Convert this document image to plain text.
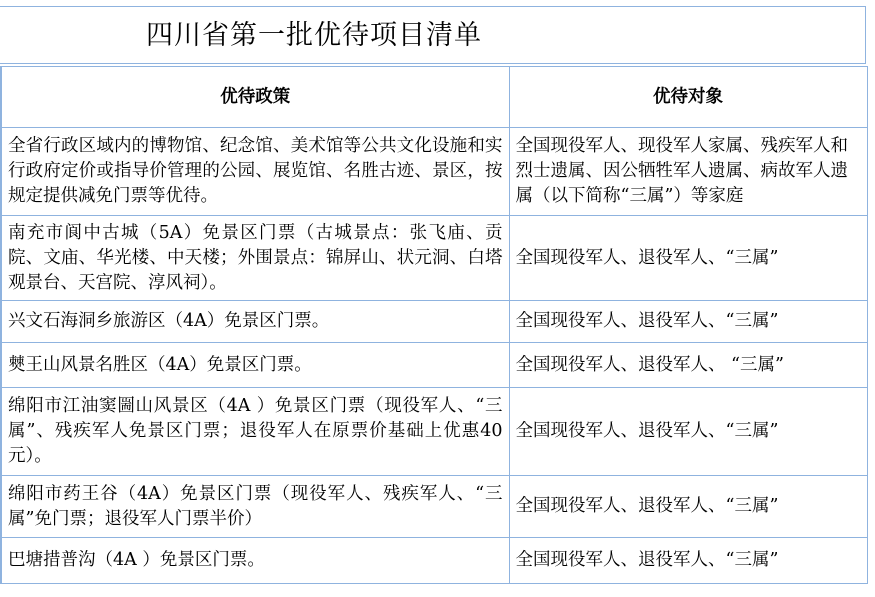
四川省第一批优待项目清单
优待政策	优待对象
全省行政区域内的博物馆、纪念馆、美术馆等公共文化设施和实行政府定价或指导价管理的公园、展览馆、名胜古迹、景区，按规定提供减免门票等优待。	全国现役军人、现役军人家属、残疾军人和烈士遗属、因公牺牲军人遗属、病故军人遗属（以下简称“三属”）等家庭
南充市阆中古城（5A）免景区门票（古城景点：张飞庙、贡院、文庙、华光楼、中天楼；外围景点：锦屏山、状元洞、白塔观景台、天宫院、淳风祠）。	全国现役军人、退役军人、“三属”
兴文石海洞乡旅游区（4A）免景区门票。	全国现役军人、退役军人、“三属”
僰王山风景名胜区（4A）免景区门票。	全国现役军人、退役军人、 “三属”
绵阳市江油窦圌山风景区（4A ）免景区门票（现役军人、“三属”、残疾军人免景区门票；退役军人在原票价基础上优惠40元）。	全国现役军人、退役军人、“三属”
绵阳市药王谷（4A）免景区门票（现役军人、残疾军人、“三属”免门票；退役军人门票半价）	全国现役军人、退役军人、“三属”
巴塘措普沟（4A ）免景区门票。	全国现役军人、退役军人、“三属”
